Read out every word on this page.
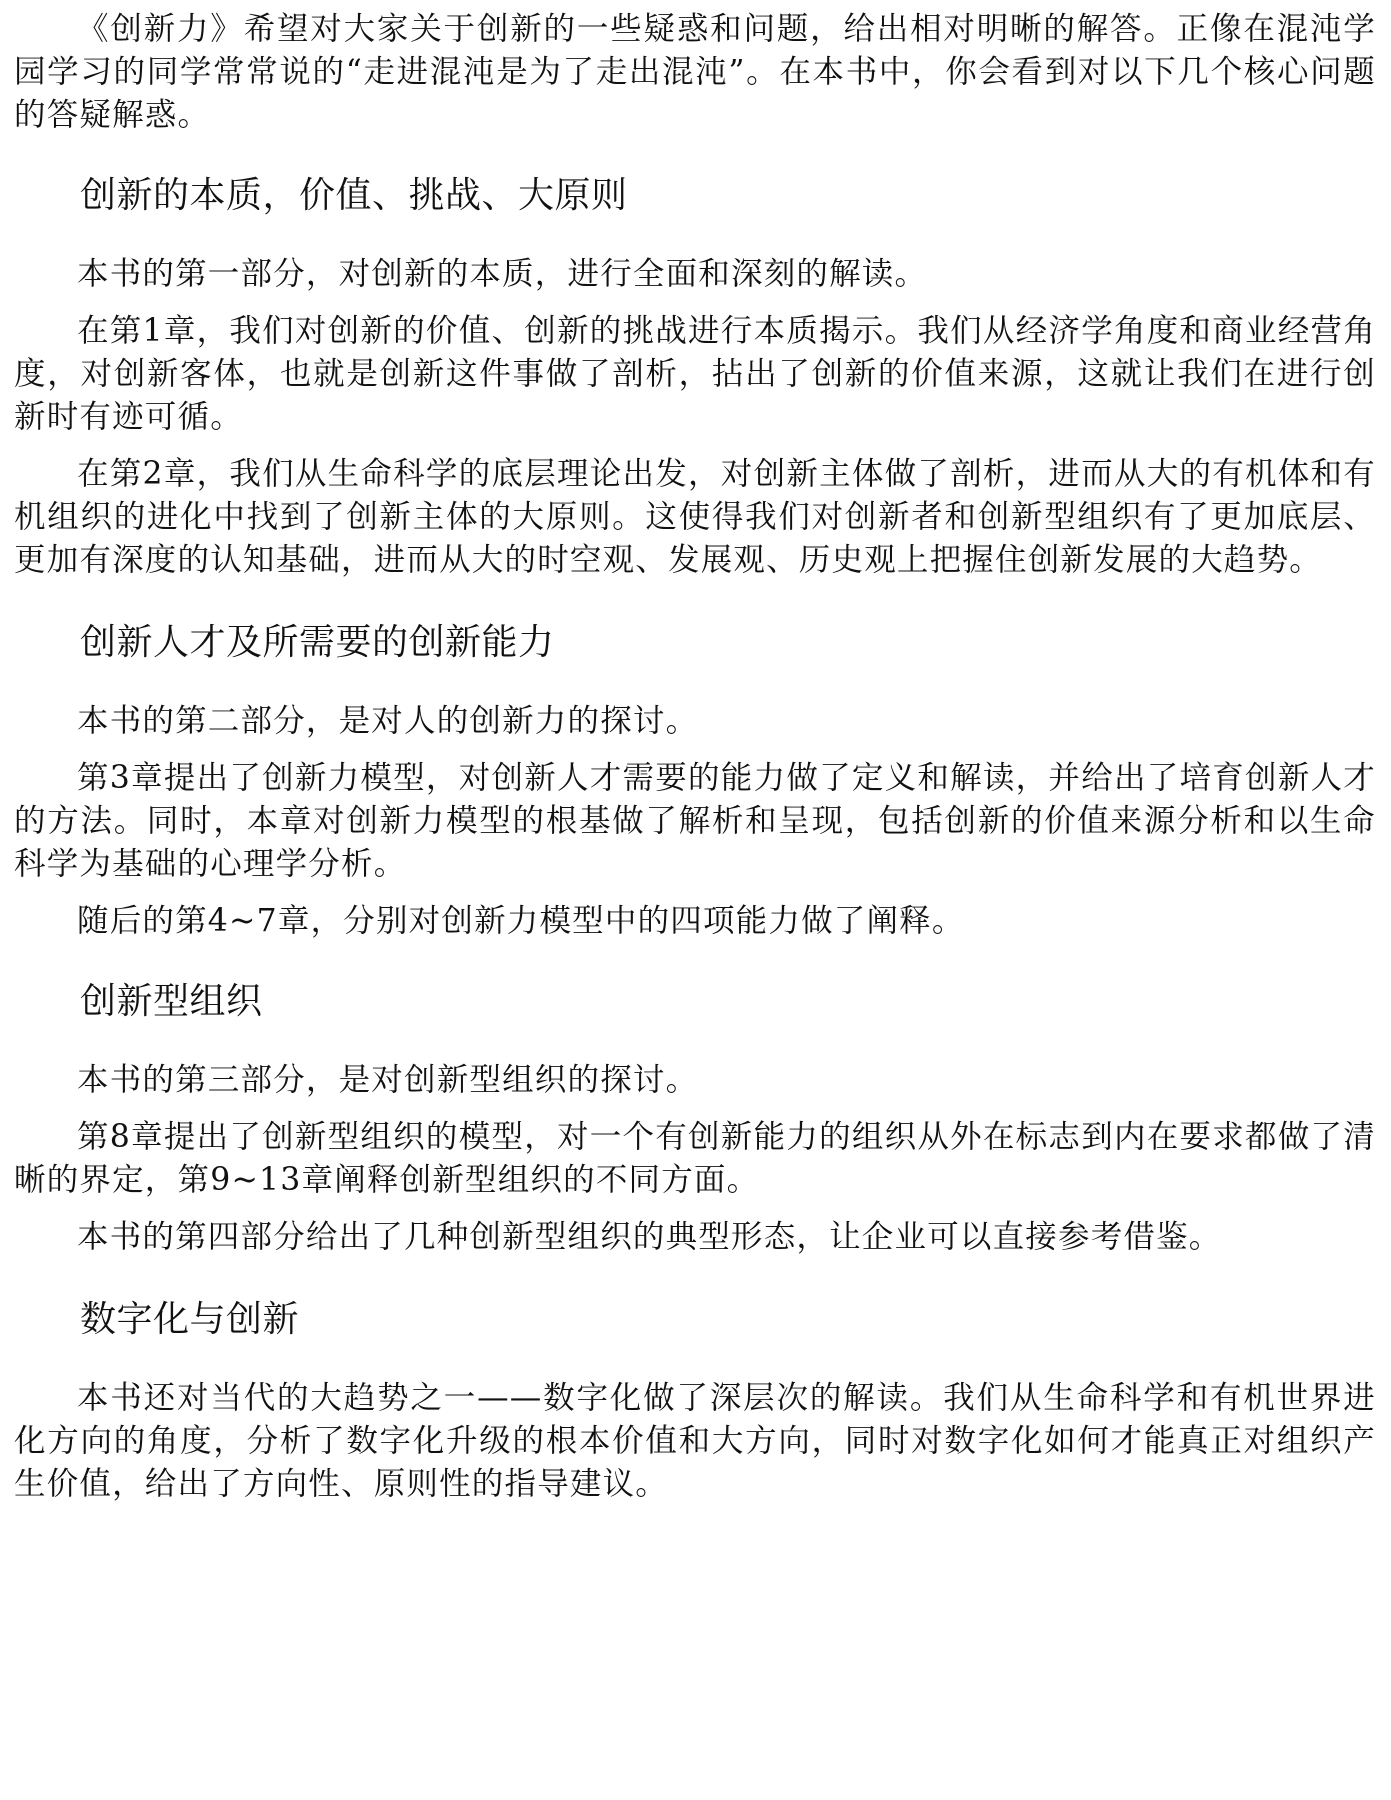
《创新力》希望对大家关于创新的一些疑惑和问题，给出相对明晰的解答。正像在混沌学园学习的同学常常说的“走进混沌是为了走出混沌”。在本书中，你会看到对以下几个核心问题的答疑解惑。

创新的本质，价值、挑战、大原则

本书的第一部分，对创新的本质，进行全面和深刻的解读。

在第1章，我们对创新的价值、创新的挑战进行本质揭示。我们从经济学角度和商业经营角度，对创新客体，也就是创新这件事做了剖析，拈出了创新的价值来源，这就让我们在进行创新时有迹可循。

在第2章，我们从生命科学的底层理论出发，对创新主体做了剖析，进而从大的有机体和有机组织的进化中找到了创新主体的大原则。这使得我们对创新者和创新型组织有了更加底层、更加有深度的认知基础，进而从大的时空观、发展观、历史观上把握住创新发展的大趋势。

创新人才及所需要的创新能力

本书的第二部分，是对人的创新力的探讨。

第3章提出了创新力模型，对创新人才需要的能力做了定义和解读，并给出了培育创新人才的方法。同时，本章对创新力模型的根基做了解析和呈现，包括创新的价值来源分析和以生命科学为基础的心理学分析。

随后的第4~7章，分别对创新力模型中的四项能力做了阐释。

创新型组织

本书的第三部分，是对创新型组织的探讨。

第8章提出了创新型组织的模型，对一个有创新能力的组织从外在标志到内在要求都做了清晰的界定，第9~13章阐释创新型组织的不同方面。

本书的第四部分给出了几种创新型组织的典型形态，让企业可以直接参考借鉴。

数字化与创新

本书还对当代的大趋势之一——数字化做了深层次的解读。我们从生命科学和有机世界进化方向的角度，分析了数字化升级的根本价值和大方向，同时对数字化如何才能真正对组织产生价值，给出了方向性、原则性的指导建议。
